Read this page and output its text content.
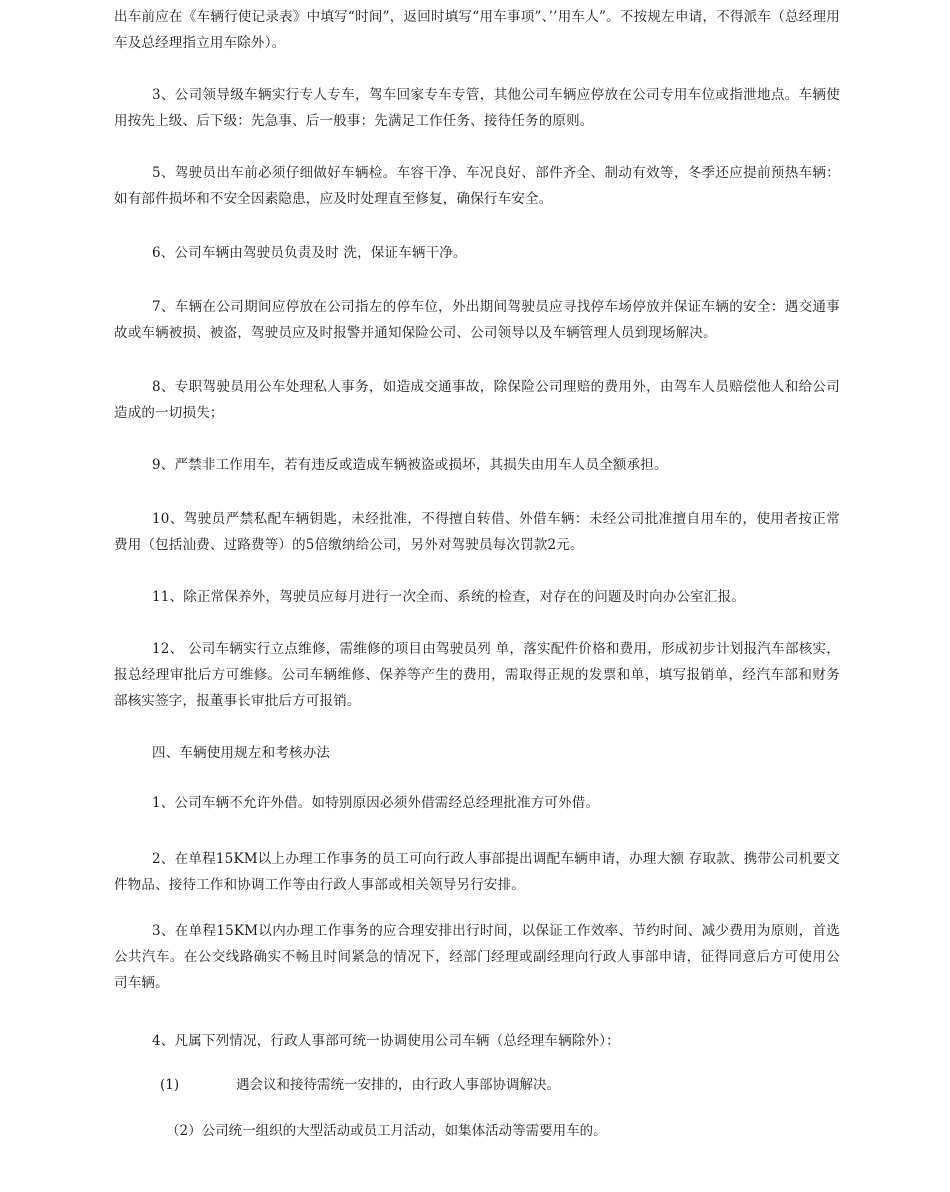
出车前应在《车辆行使记录表》中填写“时间”，返回时填写“用车事项”、’’用车人”。不按规左申请，不得派车（总经理用车及总经理指立用车除外）。

3、公司领导级车辆实行专人专车，驾车回家专车专管，其他公司车辆应停放在公司专用车位或指泄地点。车辆使用按先上级、后下级：先急事、后一般事：先满足工作任务、接待任务的原则。

5、驾驶员出车前必须仔细做好车辆检。车容干净、车况良好、部件齐全、制动有效等，冬季还应提前预热车辆：如有部件损坏和不安全因素隐患，应及时处理直至修复，确保行车安全。

6、公司车辆由驾驶员负责及时 洗，保证车辆干净。

7、车辆在公司期间应停放在公司指左的停车位，外出期间驾驶员应寻找停车场停放并保证车辆的安全：遇交通事故或车辆被损、被盗，驾驶员应及时报警并通知保险公司、公司领导以及车辆管理人员到现场解决。

8、专职驾驶员用公车处理私人事务，如造成交通事故，除保险公司理赔的费用外，由驾车人员赔偿他人和给公司造成的一切损失；

9、严禁非工作用车，若有违反或造成车辆被盗或损坏，其损失由用车人员全额承担。

10、驾驶员严禁私配车辆钥匙，未经批准，不得擅自转借、外借车辆：未经公司批准擅自用车的，使用者按正常费用（包括汕费、过路费等）的5倍缴纳给公司，另外对驾驶员每次罚款2元。

11、除正常保养外，驾驶员应每月进行一次全而、系统的检查，对存在的问题及时向办公室汇报。

12、 公司车辆实行立点维修，需维修的项目由驾驶员列 单，落实配件价格和费用，形成初步计划报汽车部核实，报总经理审批后方可维修。公司车辆维修、保养等产生的费用，需取得正规的发票和单，填写报销单，经汽车部和财务部核实签字，报董事长审批后方可报销。

四、车辆使用规左和考核办法

1、公司车辆不允许外借。如特别原因必须外借需经总经理批准方可外借。

2、在单程15KM以上办理工作事务的员工可向行政人事部提出调配车辆申请，办理大额 存取款、携带公司机要文件物品、接待工作和协调工作等由行政人事部或相关领导另行安排。

3、在单程15KM以内办理工作事务的应合理安排出行时间，以保证工作效率、节约时间、减少费用为原则，首选公共汽车。在公交线路确实不畅且时间紧急的情况下，经部门经理或副经理向行政人事部申请，征得同意后方可使用公司车辆。

4、凡属下列情况，行政人事部可统一协调使用公司车辆（总经理车辆除外）：

(1)	遇会议和接待需统一安排的，由行政人事部协调解决。
（2）公司统一组织的大型活动或员工月活动，如集体活动等需要用车的。
